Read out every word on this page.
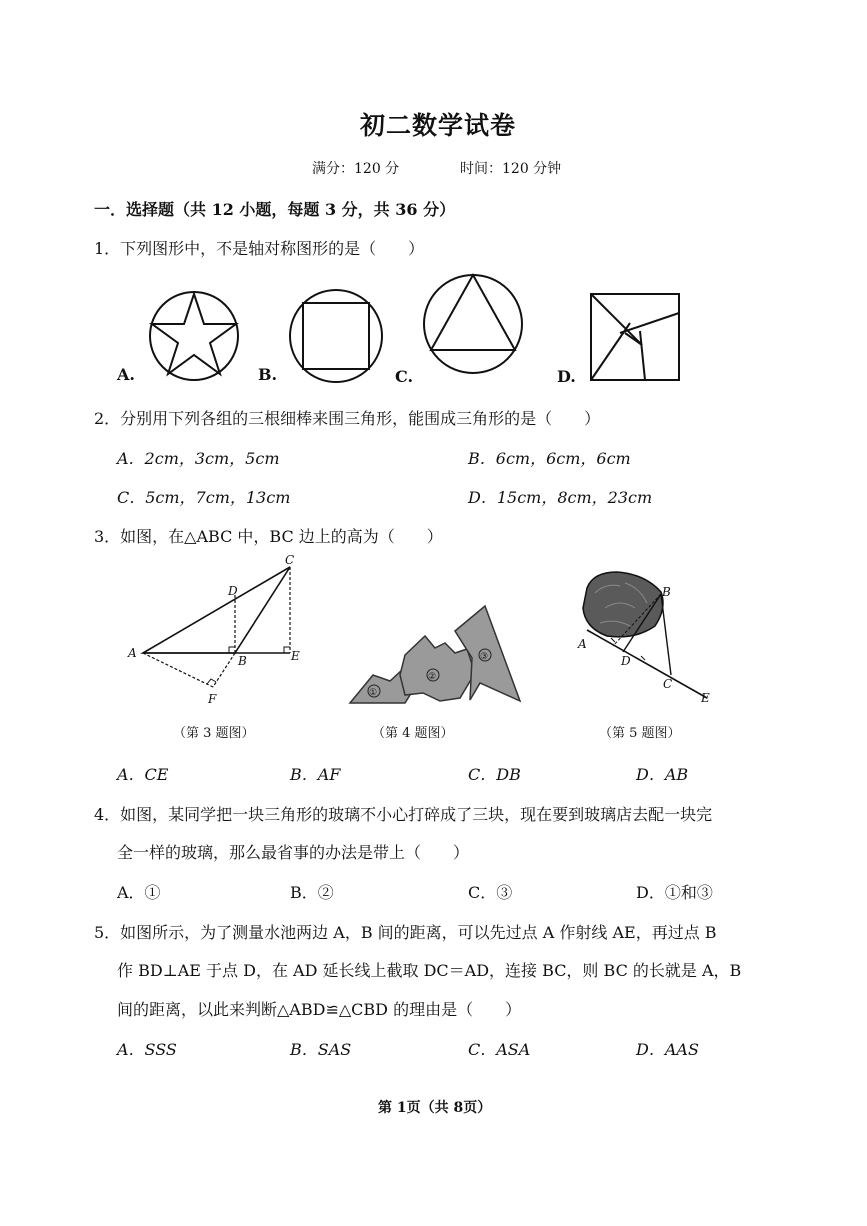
初二数学试卷
满分：120 分	时间：120 分钟
一．选择题（共 12 小题，每题 3 分，共 36 分）
1．下列图形中，不是轴对称图形的是（　　）
A.	B.	C.	D.
2．分别用下列各组的三根细棒来围三角形，能围成三角形的是（　　）
A．2cm，3cm，5cm	B．6cm，6cm，6cm
C．5cm，7cm，13cm	D．15cm，8cm，23cm
3．如图，在△ABC 中，BC 边上的高为（　　）
A
B
C
D
E
F	①
②
③
A
B
C
D
E
（第 3 题图）	（第 4 题图）	（第 5 题图）
A．CE	B．AF	C．DB	D．AB
4．如图，某同学把一块三角形的玻璃不小心打碎成了三块，现在要到玻璃店去配一块完
全一样的玻璃，那么最省事的办法是带上（　　）
A．①	B．②	C．③	D．①和③
5．如图所示，为了测量水池两边 A，B 间的距离，可以先过点 A 作射线 AE，再过点 B
作 BD⊥AE 于点 D，在 AD 延长线上截取 DC＝AD，连接 BC，则 BC 的长就是 A，B
间的距离，以此来判断△ABD≌△CBD 的理由是（　　）
A．SSS	B．SAS	C．ASA	D．AAS
第 1页（共 8页）
